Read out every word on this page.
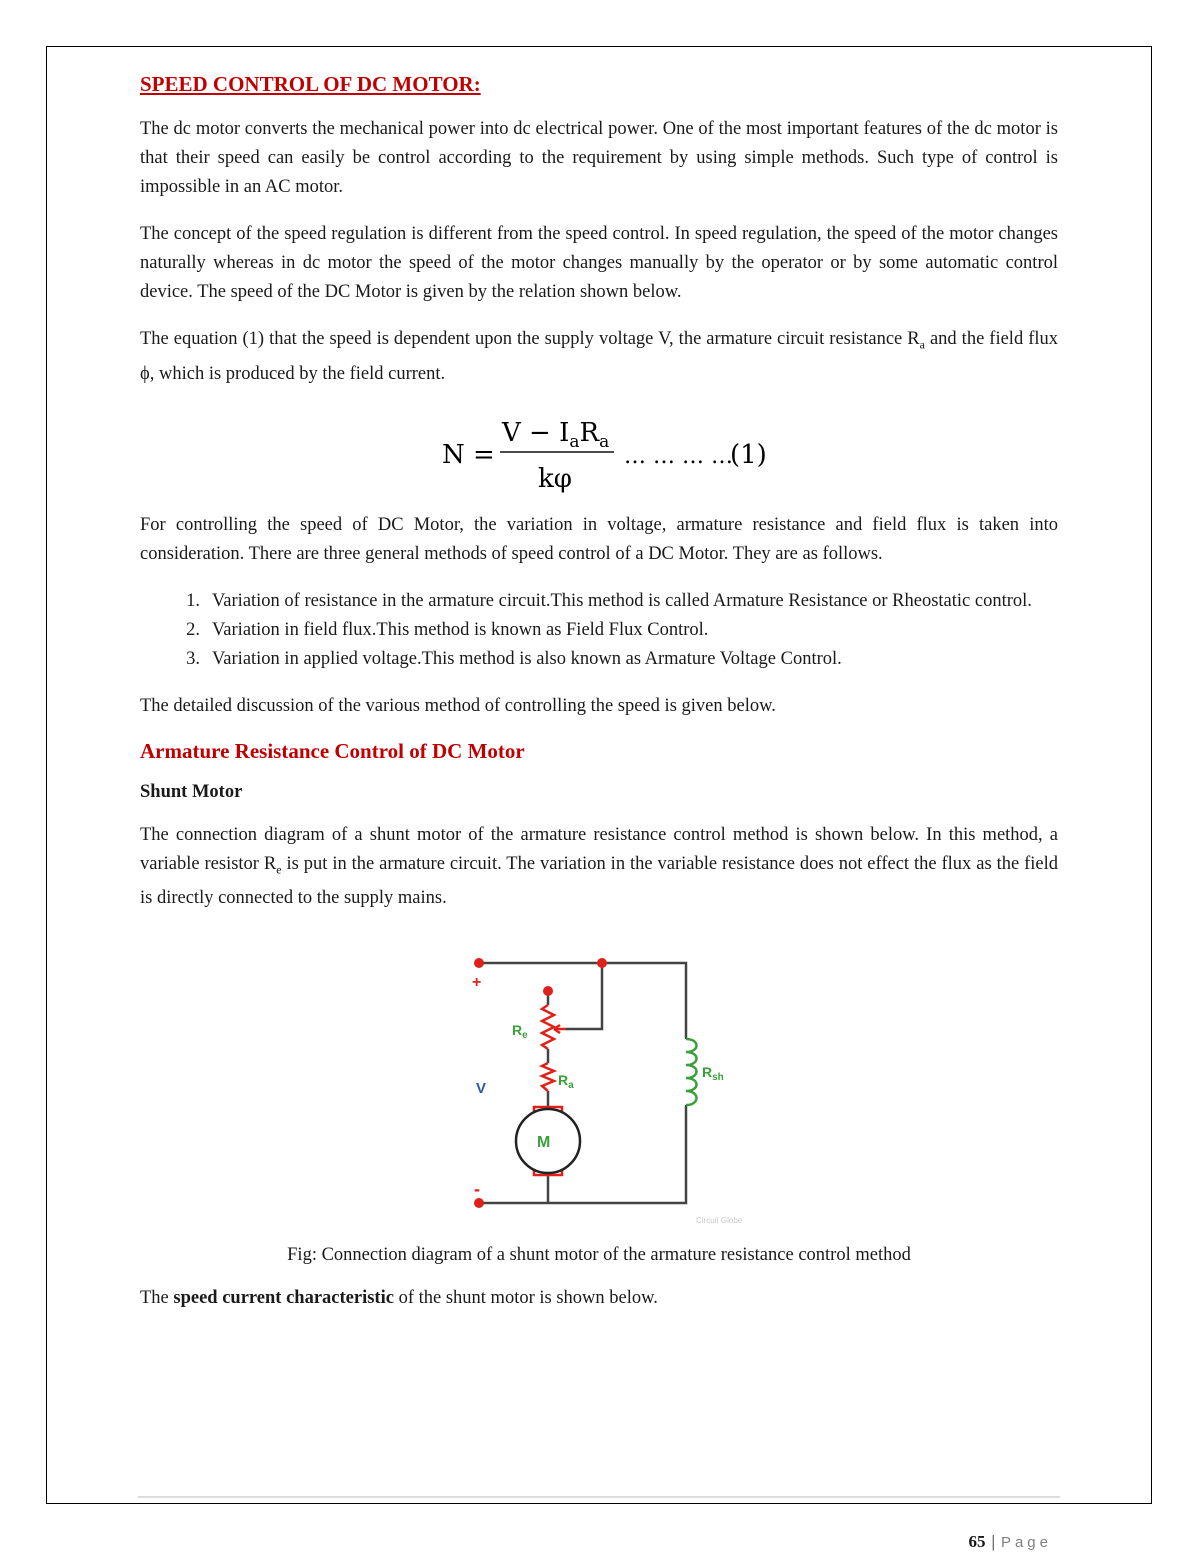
SPEED CONTROL OF DC MOTOR:

The dc motor converts the mechanical power into dc electrical power. One of the most important features of the dc motor is that their speed can easily be control according to the requirement by using simple methods. Such type of control is impossible in an AC motor.

The concept of the speed regulation is different from the speed control. In speed regulation, the speed of the motor changes naturally whereas in dc motor the speed of the motor changes manually by the operator or by some automatic control device. The speed of the DC Motor is given by the relation shown below.

The equation (1) that the speed is dependent upon the supply voltage V, the armature circuit resistance $R_a$ and the field flux ϕ, which is produced by the field current.

N =
$V - I_aR_a$
kφ
… … … …
(1)

For controlling the speed of DC Motor, the variation in voltage, armature resistance and field flux is taken into consideration. There are three general methods of speed control of a DC Motor. They are as follows.

1. Variation of resistance in the armature circuit.This method is called Armature Resistance or Rheostatic control.
2. Variation in field flux.This method is known as Field Flux Control.
3. Variation in applied voltage.This method is also known as Armature Voltage Control.

The detailed discussion of the various method of controlling the speed is given below.

Armature Resistance Control of DC Motor
Shunt Motor

The connection diagram of a shunt motor of the armature resistance control method is shown below. In this method, a variable resistor $R_e$ is put in the armature circuit. The variation in the variable resistance does not effect the flux as the field is directly connected to the supply mains.

+
-
V
$R_e$
$R_a$
M
$R_{sh}$
Circuit Globe
Fig: Connection diagram of a shunt motor of the armature resistance control method

The speed current characteristic of the shunt motor is shown below.

65 | Page
